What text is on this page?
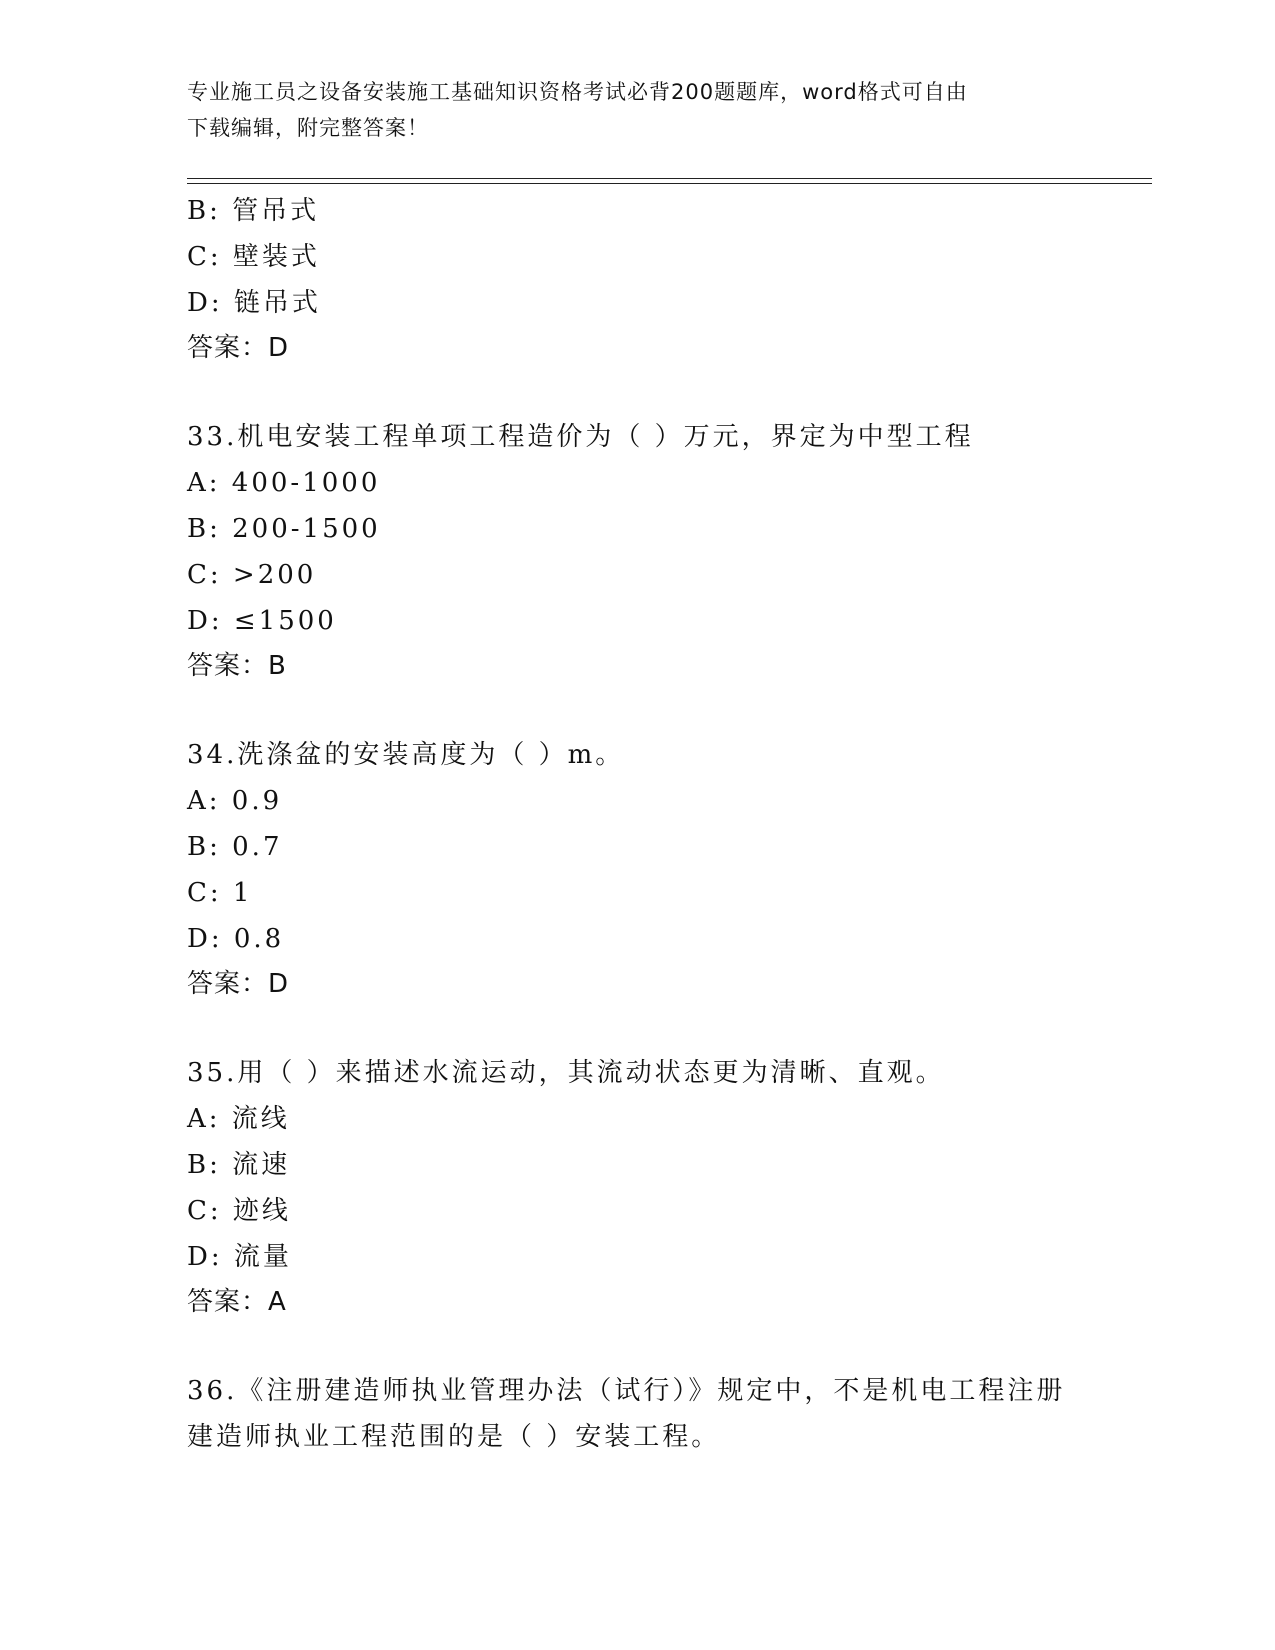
专业施工员之设备安装施工基础知识资格考试必背200题题库，word格式可自由
下载编辑，附完整答案！
B: 管吊式
C: 壁装式
D: 链吊式
答案：D
33.机电安装工程单项工程造价为（ ）万元，界定为中型工程
A: 400-1000
B: 200-1500
C: >200
D: ≤1500
答案：B
34.洗涤盆的安装高度为（ ）m。
A: 0.9
B: 0.7
C: 1
D: 0.8
答案：D
35.用（ ）来描述水流运动，其流动状态更为清晰、直观。
A: 流线
B: 流速
C: 迹线
D: 流量
答案：A
36.《注册建造师执业管理办法（试行）》规定中，不是机电工程注册
建造师执业工程范围的是（ ）安装工程。
